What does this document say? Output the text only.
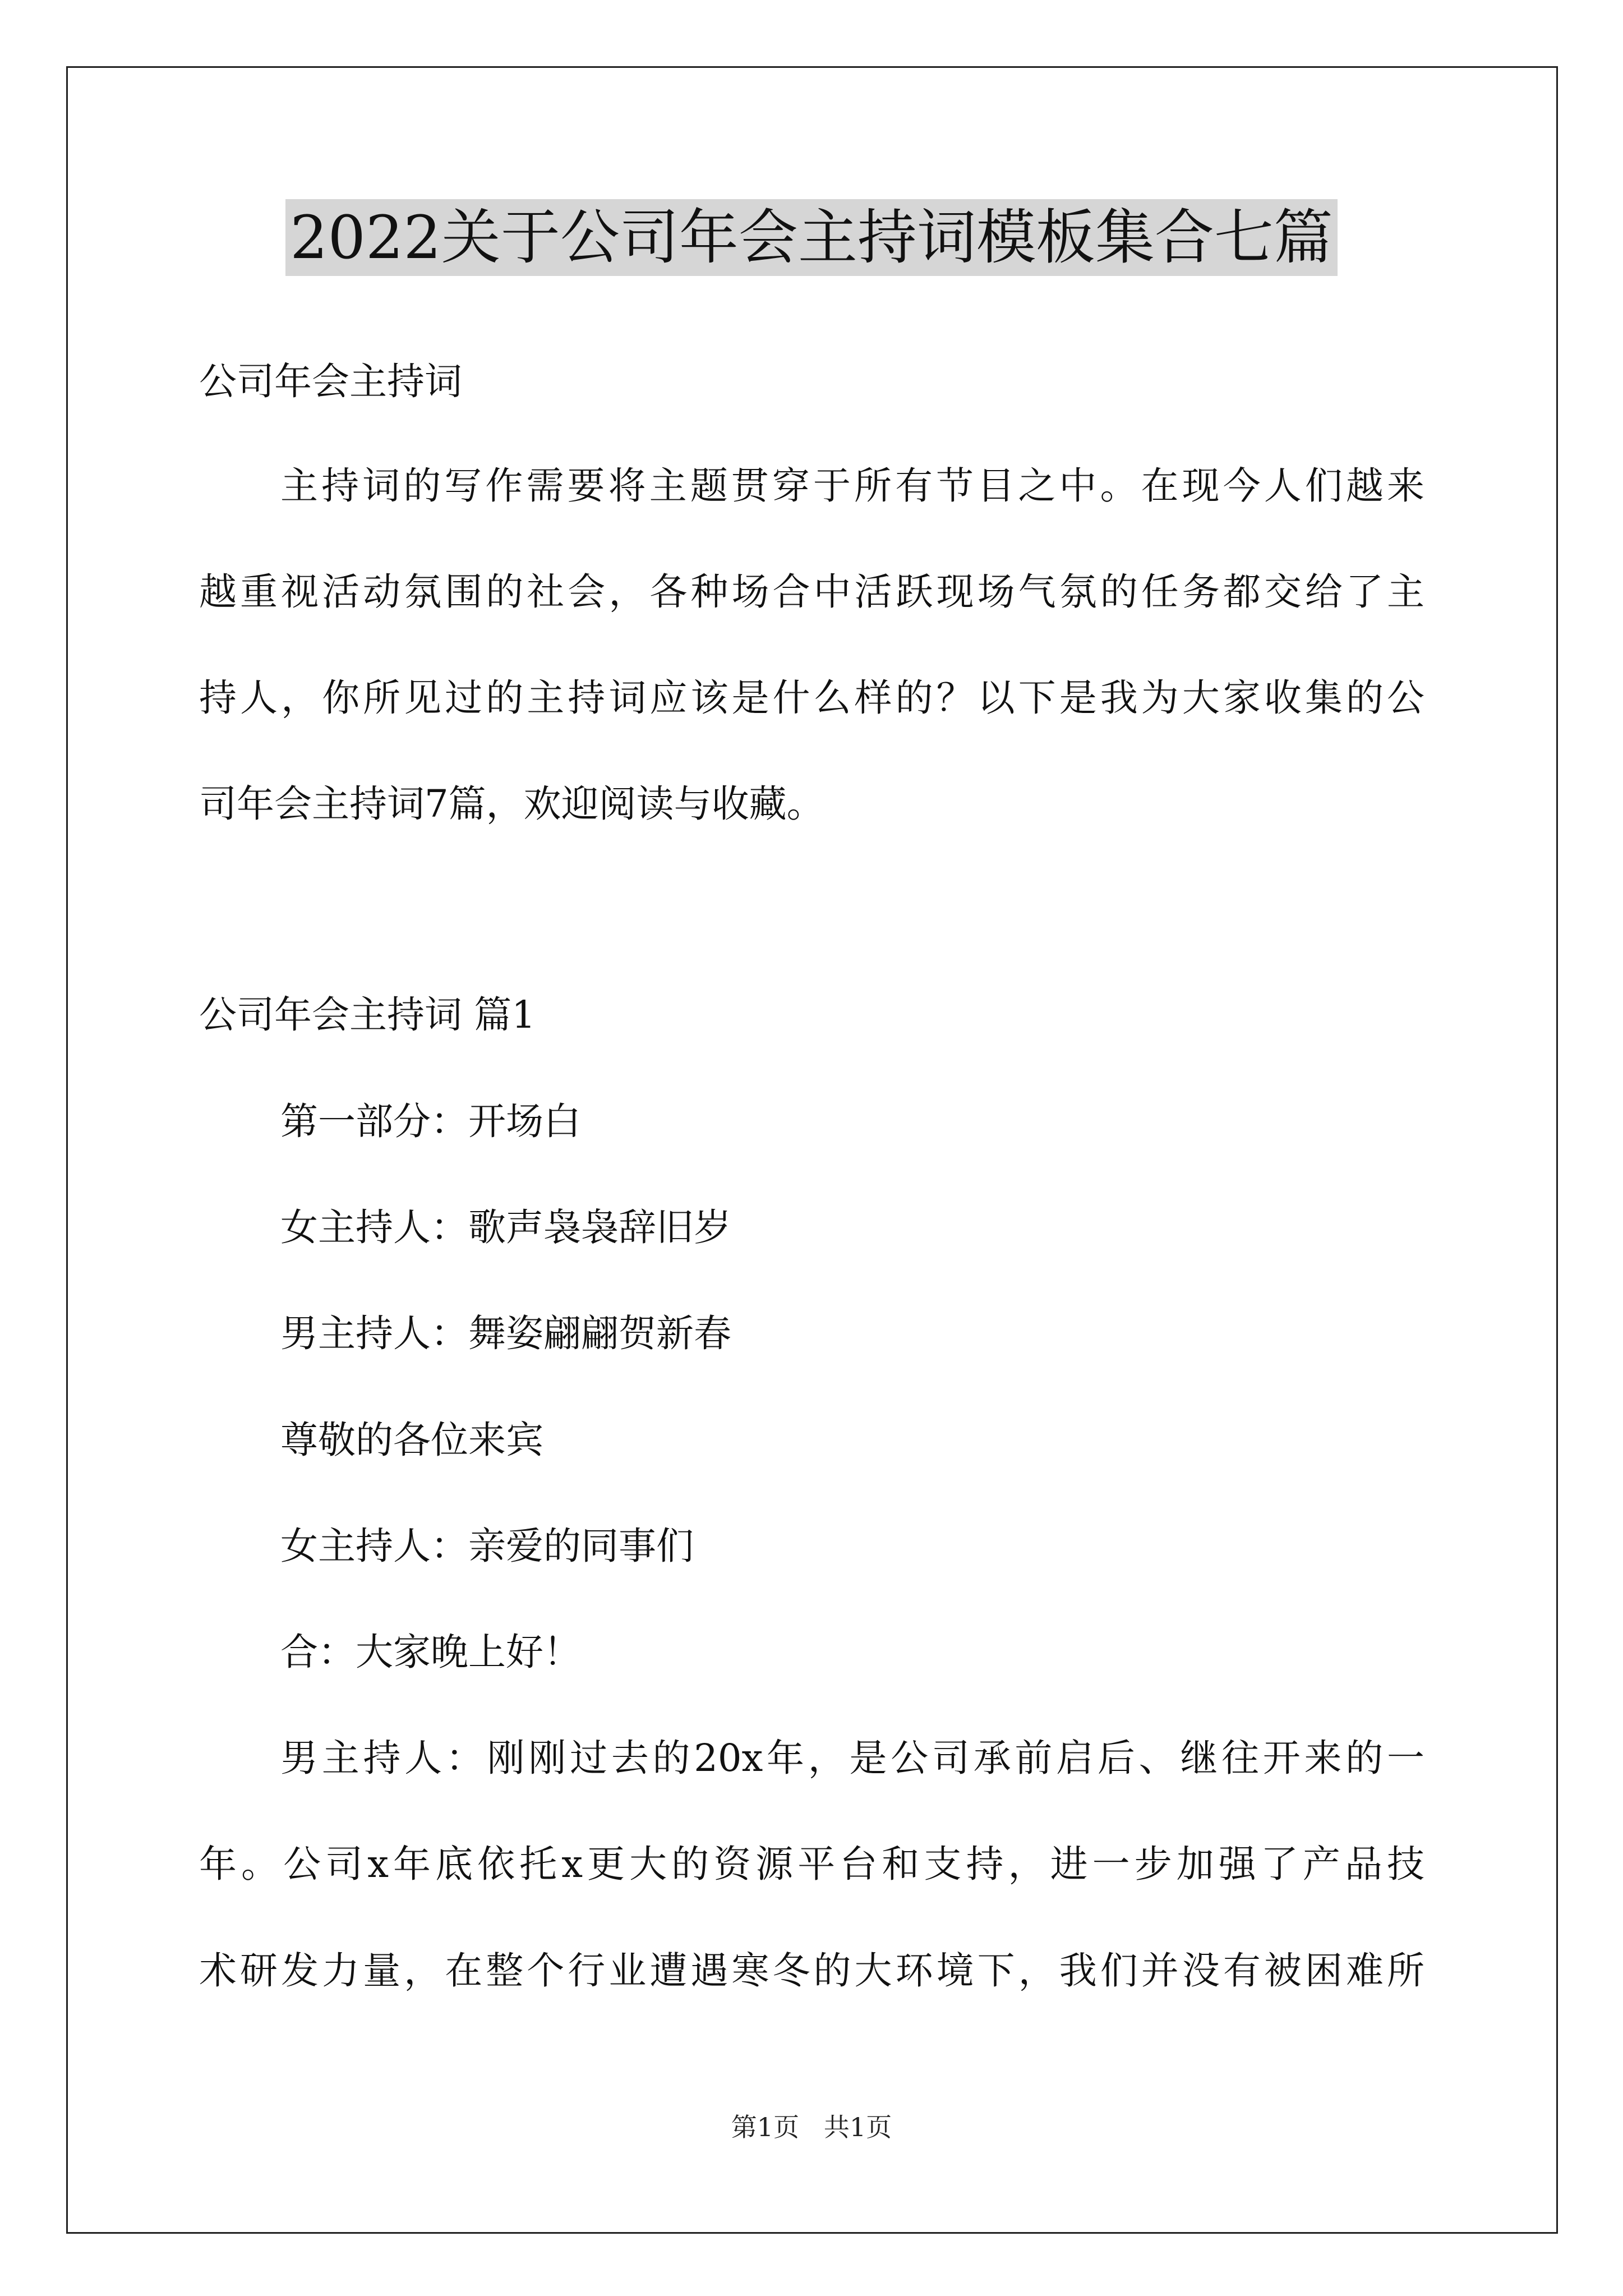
2022关于公司年会主持词模板集合七篇
公司年会主持词
主持词的写作需要将主题贯穿于所有节目之中。在现今人们越来
越重视活动氛围的社会，各种场合中活跃现场气氛的任务都交给了主
持人，你所见过的主持词应该是什么样的？以下是我为大家收集的公
司年会主持词7篇，欢迎阅读与收藏。
公司年会主持词 篇1
第一部分：开场白
女主持人：歌声袅袅辞旧岁
男主持人：舞姿翩翩贺新春
尊敬的各位来宾
女主持人：亲爱的同事们
合：大家晚上好！
男主持人：刚刚过去的20x年，是公司承前启后、继往开来的一
年。公司x年底依托x更大的资源平台和支持，进一步加强了产品技
术研发力量，在整个行业遭遇寒冬的大环境下，我们并没有被困难所
第1页   共1页
